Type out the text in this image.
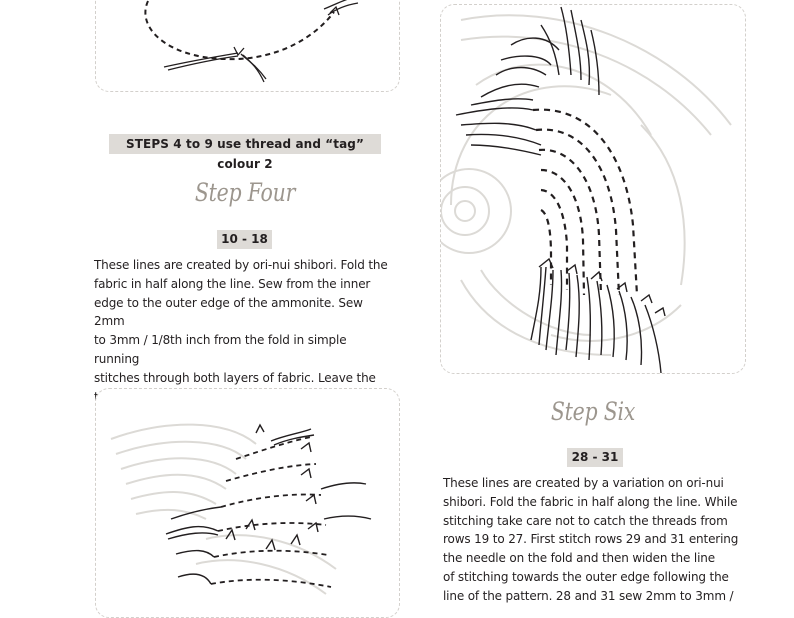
STEPS 4 to 9 use thread and “tag” colour 2
Step Four
10 - 18

These lines are created by ori-nui shibori. Fold the
fabric in half along the line. Sew from the inner
edge to the outer edge of the ammonite. Sew 2mm
to 3mm / 1/8th inch from the fold in simple running
stitches through both layers of fabric. Leave the

Step Six
28 - 31

These lines are created by a variation on ori-nui
shibori. Fold the fabric in half along the line. While
stitching take care not to catch the threads from
rows 19 to 27. First stitch rows 29 and 31 entering
the needle on the fold and then widen the line
of stitching towards the outer edge following the
line of the pattern. 28 and 31 sew 2mm to 3mm /
